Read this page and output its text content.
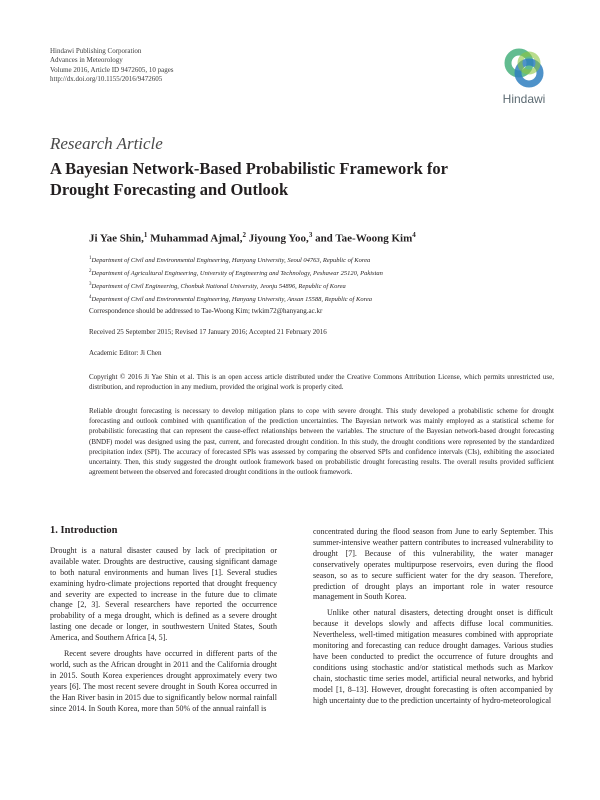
Hindawi Publishing Corporation
Advances in Meteorology
Volume 2016, Article ID 9472605, 10 pages
http://dx.doi.org/10.1155/2016/9472605
Hindawi
Research Article
A Bayesian Network-Based Probabilistic Framework for
Drought Forecasting and Outlook
Ji Yae Shin,$^1$ Muhammad Ajmal,$^2$ Jiyoung Yoo,$^3$ and Tae-Woong Kim$^4$
$^1$Department of Civil and Environmental Engineering, Hanyang University, Seoul 04763, Republic of Korea
$^2$Department of Agricultural Engineering, University of Engineering and Technology, Peshawar 25120, Pakistan
$^3$Department of Civil Engineering, Chonbuk National University, Jeonju 54896, Republic of Korea
$^4$Department of Civil and Environmental Engineering, Hanyang University, Ansan 15588, Republic of Korea
Correspondence should be addressed to Tae-Woong Kim; twkim72@hanyang.ac.kr
Received 25 September 2015; Revised 17 January 2016; Accepted 21 February 2016
Academic Editor: Ji Chen
Copyright © 2016 Ji Yae Shin et al. This is an open access article distributed under the Creative Commons Attribution License, which permits unrestricted use, distribution, and reproduction in any medium, provided the original work is properly cited.
Reliable drought forecasting is necessary to develop mitigation plans to cope with severe drought. This study developed a probabilistic scheme for drought forecasting and outlook combined with quantification of the prediction uncertainties. The Bayesian network was mainly employed as a statistical scheme for probabilistic forecasting that can represent the cause-effect relationships between the variables. The structure of the Bayesian network-based drought forecasting (BNDF) model was designed using the past, current, and forecasted drought condition. In this study, the drought conditions were represented by the standardized precipitation index (SPI). The accuracy of forecasted SPIs was assessed by comparing the observed SPIs and confidence intervals (CIs), exhibiting the associated uncertainty. Then, this study suggested the drought outlook framework based on probabilistic drought forecasting results. The overall results provided sufficient agreement between the observed and forecasted drought conditions in the outlook framework.
1. Introduction

Drought is a natural disaster caused by lack of precipitation or available water. Droughts are destructive, causing significant damage to both natural environments and human lives [1]. Several studies examining hydro-climate projections reported that drought frequency and severity are expected to increase in the future due to climate change [2, 3]. Several researchers have reported the occurrence probability of a mega drought, which is defined as a severe drought lasting one decade or longer, in southwestern United States, South America, and Southern Africa [4, 5].

Recent severe droughts have occurred in different parts of the world, such as the African drought in 2011 and the California drought in 2015. South Korea experiences drought approximately every two years [6]. The most recent severe drought in South Korea occurred in the Han River basin in 2015 due to significantly below normal rainfall since 2014. In South Korea, more than 50% of the annual rainfall is

concentrated during the flood season from June to early September. This summer-intensive weather pattern contributes to increased vulnerability to drought [7]. Because of this vulnerability, the water manager conservatively operates multipurpose reservoirs, even during the flood season, so as to secure sufficient water for the dry season. Therefore, prediction of drought plays an important role in water resource management in South Korea.

Unlike other natural disasters, detecting drought onset is difficult because it develops slowly and affects diffuse local communities. Nevertheless, well-timed mitigation measures combined with appropriate monitoring and forecasting can reduce drought damages. Various studies have been conducted to predict the occurrence of future droughts and conditions using stochastic and/or statistical methods such as Markov chain, stochastic time series model, artificial neural networks, and hybrid model [1, 8–13]. However, drought forecasting is often accompanied by high uncertainty due to the prediction uncertainty of hydro-meteorological
